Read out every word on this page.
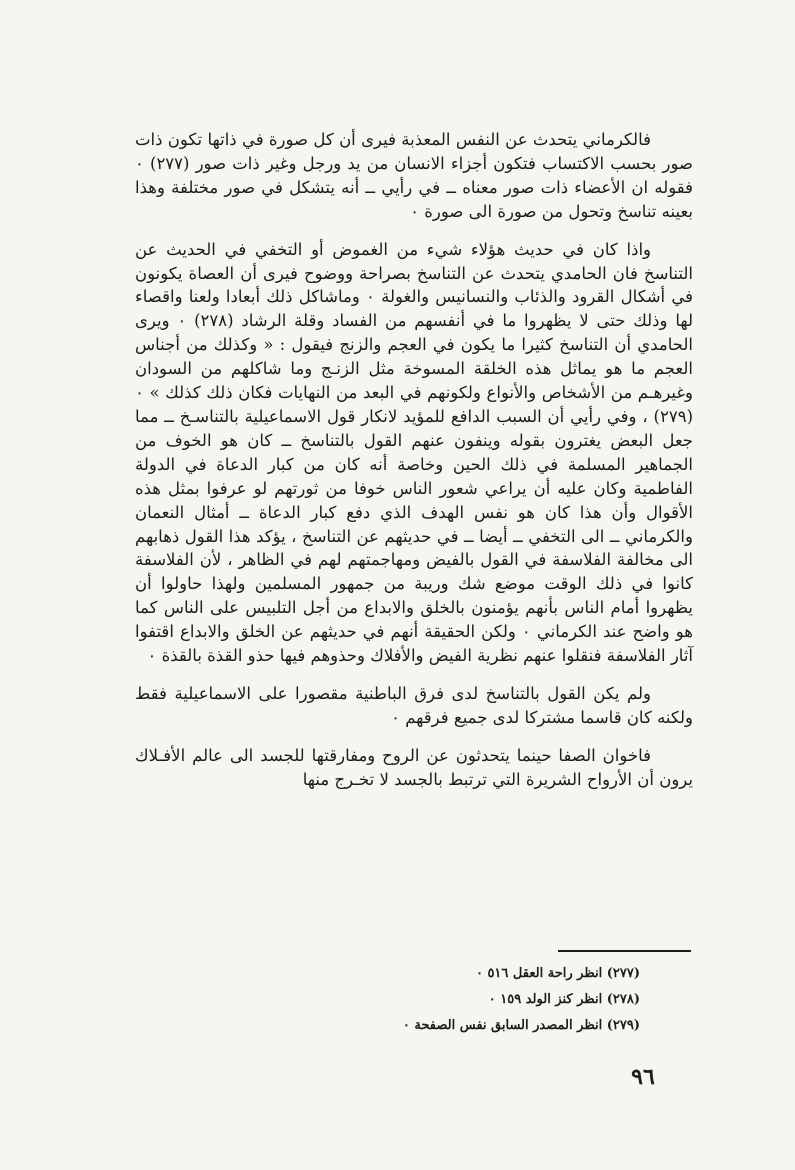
فالكرماني يتحدث عن النفس المعذبة فيرى أن كل صورة في ذاتها تكون ذات صور بحسب الاكتساب فتكون أجزاء الانسان من يد ورجل وغير ذات صور (٢٧٧) ٠ فقوله ان الأعضاء ذات صور معناه ــ في رأيي ــ أنه يتشكل في صور مختلفة وهذا بعينه تناسخ وتحول من صورة الى صورة ٠

واذا كان في حديث هؤلاء شيء من الغموض أو التخفي في الحديث عن التناسخ فان الحامدي يتحدث عن التناسخ بصراحة ووضوح فيرى أن العصاة يكونون في أشكال القرود والذئاب والنسانيس والغولة ٠ وماشاكل ذلك أبعادا ولعنا واقصاء لها وذلك حتى لا يظهروا ما في أنفسهم من الفساد وقلة الرشاد (٢٧٨) ٠ ويرى الحامدي أن التناسخ كثيرا ما يكون في العجم والزنج فيقول : « وكذلك من أجناس العجم ما هو يماثل هذه الخلقة المسوخة مثل الزنـج وما شاكلهم من السودان وغيرهـم من الأشخاص والأنواع ولكونهم في البعد من النهايات فكان ذلك كذلك » ٠ (٢٧٩) ، وفي رأيي أن السبب الدافع للمؤيد لانكار قول الاسماعيلية بالتناسـخ ــ مما جعل البعض يغترون بقوله وينفون عنهم القول بالتناسخ ــ كان هو الخوف من الجماهير المسلمة في ذلك الحين وخاصة أنه كان من كبار الدعاة في الدولة الفاطمية وكان عليه أن يراعي شعور الناس خوفا من ثورتهم لو عرفوا بمثل هذه الأقوال وأن هذا كان هو نفس الهدف الذي دفع كبار الدعاة ــ أمثال النعمان والكرماني ــ الى التخفي ــ أيضا ــ في حديثهم عن التناسخ ، يؤكد هذا القول ذهابهم الى مخالفة الفلاسفة في القول بالفيض ومهاجمتهم لهم في الظاهر ، لأن الفلاسفة كانوا في ذلك الوقت موضع شك وريبة من جمهور المسلمين ولهذا حاولوا أن يظهروا أمام الناس بأنهم يؤمنون بالخلق والابداع من أجل التلبيس على الناس كما هو واضح عند الكرماني ٠ ولكن الحقيقة أنهم في حديثهم عن الخلق والابداع اقتفوا آثار الفلاسفة فنقلوا عنهم نظرية الفيض والأفلاك وحذوهم فيها حذو القذة بالقذة ٠

ولم يكن القول بالتناسخ لدى فرق الباطنية مقصورا على الاسماعيلية فقط ولكنه كان قاسما مشتركا لدى جميع فرقهم ٠

فاخوان الصفا حينما يتحدثون عن الروح ومفارقتها للجسد الى عالم الأفـلاك يرون أن الأرواح الشريرة التي ترتبط بالجسد لا تخـرج منها

(٢٧٧) انظر راحة العقل ٥١٦ ٠

(٢٧٨) انظر كنز الولد ١٥٩ ٠

(٢٧٩) انظر المصدر السابق نفس الصفحة ٠

٩٦
